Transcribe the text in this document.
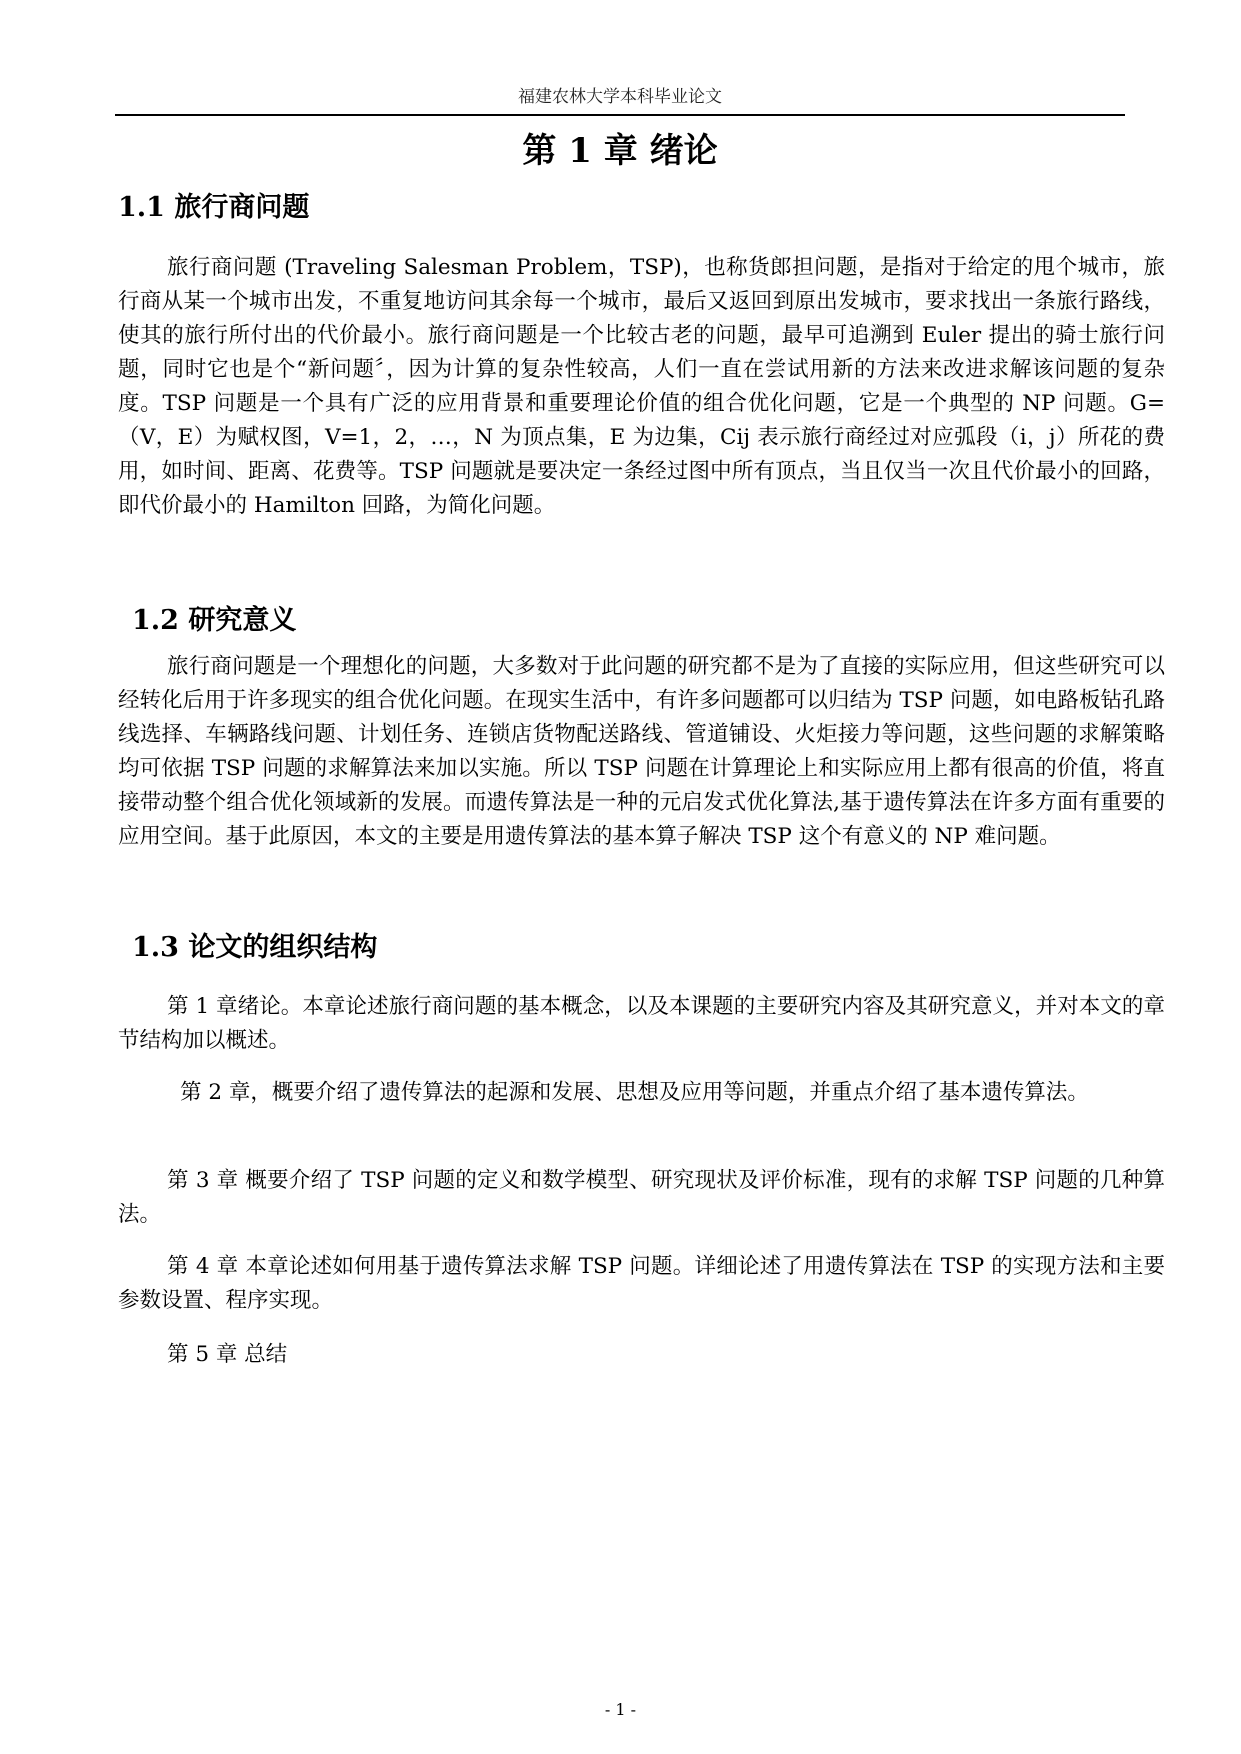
福建农林大学本科毕业论文
第 1 章 绪论
1.1 旅行商问题

旅行商问题 (Traveling Salesman Problem，TSP)，也称货郎担问题，是指对于给定的甩个城市，旅行商从某一个城市出发，不重复地访问其余每一个城市，最后又返回到原出发城市，要求找出一条旅行路线，使其的旅行所付出的代价最小。旅行商问题是一个比较古老的问题，最早可追溯到 Euler 提出的骑士旅行问题，同时它也是个“新问题〞，因为计算的复杂性较高，人们一直在尝试用新的方法来改进求解该问题的复杂度。TSP 问题是一个具有广泛的应用背景和重要理论价值的组合优化问题，它是一个典型的 NP 问题。G=（V，E）为赋权图，V=1，2，…，N 为顶点集，E 为边集，Cij 表示旅行商经过对应弧段（i，j）所花的费用，如时间、距离、花费等。TSP 问题就是要决定一条经过图中所有顶点，当且仅当一次且代价最小的回路，即代价最小的 Hamilton 回路，为简化问题。

1.2 研究意义

旅行商问题是一个理想化的问题，大多数对于此问题的研究都不是为了直接的实际应用，但这些研究可以经转化后用于许多现实的组合优化问题。在现实生活中，有许多问题都可以归结为 TSP 问题，如电路板钻孔路线选择、车辆路线问题、计划任务、连锁店货物配送路线、管道铺设、火炬接力等问题，这些问题的求解策略均可依据 TSP 问题的求解算法来加以实施。所以 TSP 问题在计算理论上和实际应用上都有很高的价值，将直接带动整个组合优化领域新的发展。而遗传算法是一种的元启发式优化算法,基于遗传算法在许多方面有重要的应用空间。基于此原因，本文的主要是用遗传算法的基本算子解决 TSP 这个有意义的 NP 难问题。

1.3 论文的组织结构

第 1 章绪论。本章论述旅行商问题的基本概念，以及本课题的主要研究内容及其研究意义，并对本文的章节结构加以概述。

第 2 章，概要介绍了遗传算法的起源和发展、思想及应用等问题，并重点介绍了基本遗传算法。

第 3 章 概要介绍了 TSP 问题的定义和数学模型、研究现状及评价标准，现有的求解 TSP 问题的几种算法。

第 4 章 本章论述如何用基于遗传算法求解 TSP 问题。详细论述了用遗传算法在 TSP 的实现方法和主要参数设置、程序实现。

第 5 章 总结

- 1 -
